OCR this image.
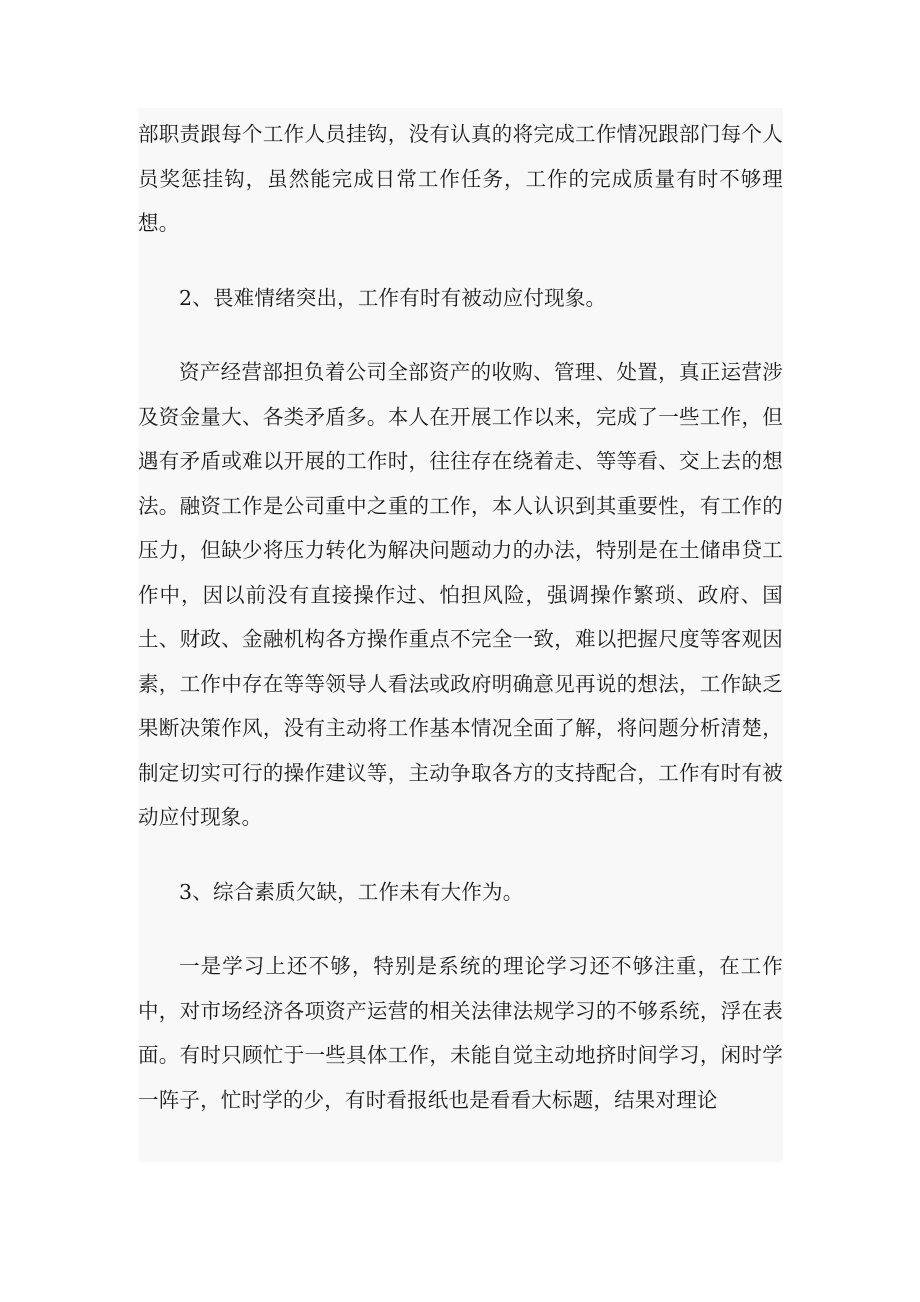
部职责跟每个工作人员挂钩，没有认真的将完成工作情况跟部门每个人员奖惩挂钩，虽然能完成日常工作任务，工作的完成质量有时不够理想。

2、畏难情绪突出，工作有时有被动应付现象。

资产经营部担负着公司全部资产的收购、管理、处置，真正运营涉及资金量大、各类矛盾多。本人在开展工作以来，完成了一些工作，但遇有矛盾或难以开展的工作时，往往存在绕着走、等等看、交上去的想法。融资工作是公司重中之重的工作，本人认识到其重要性，有工作的压力，但缺少将压力转化为解决问题动力的办法，特别是在土储串贷工作中，因以前没有直接操作过、怕担风险，强调操作繁琐、政府、国土、财政、金融机构各方操作重点不完全一致，难以把握尺度等客观因素，工作中存在等等领导人看法或政府明确意见再说的想法，工作缺乏果断决策作风，没有主动将工作基本情况全面了解，将问题分析清楚，制定切实可行的操作建议等，主动争取各方的支持配合，工作有时有被动应付现象。

3、综合素质欠缺，工作未有大作为。

一是学习上还不够，特别是系统的理论学习还不够注重，在工作中，对市场经济各项资产运营的相关法律法规学习的不够系统，浮在表面。有时只顾忙于一些具体工作，未能自觉主动地挤时间学习，闲时学一阵子，忙时学的少，有时看报纸也是看看大标题，结果对理论
